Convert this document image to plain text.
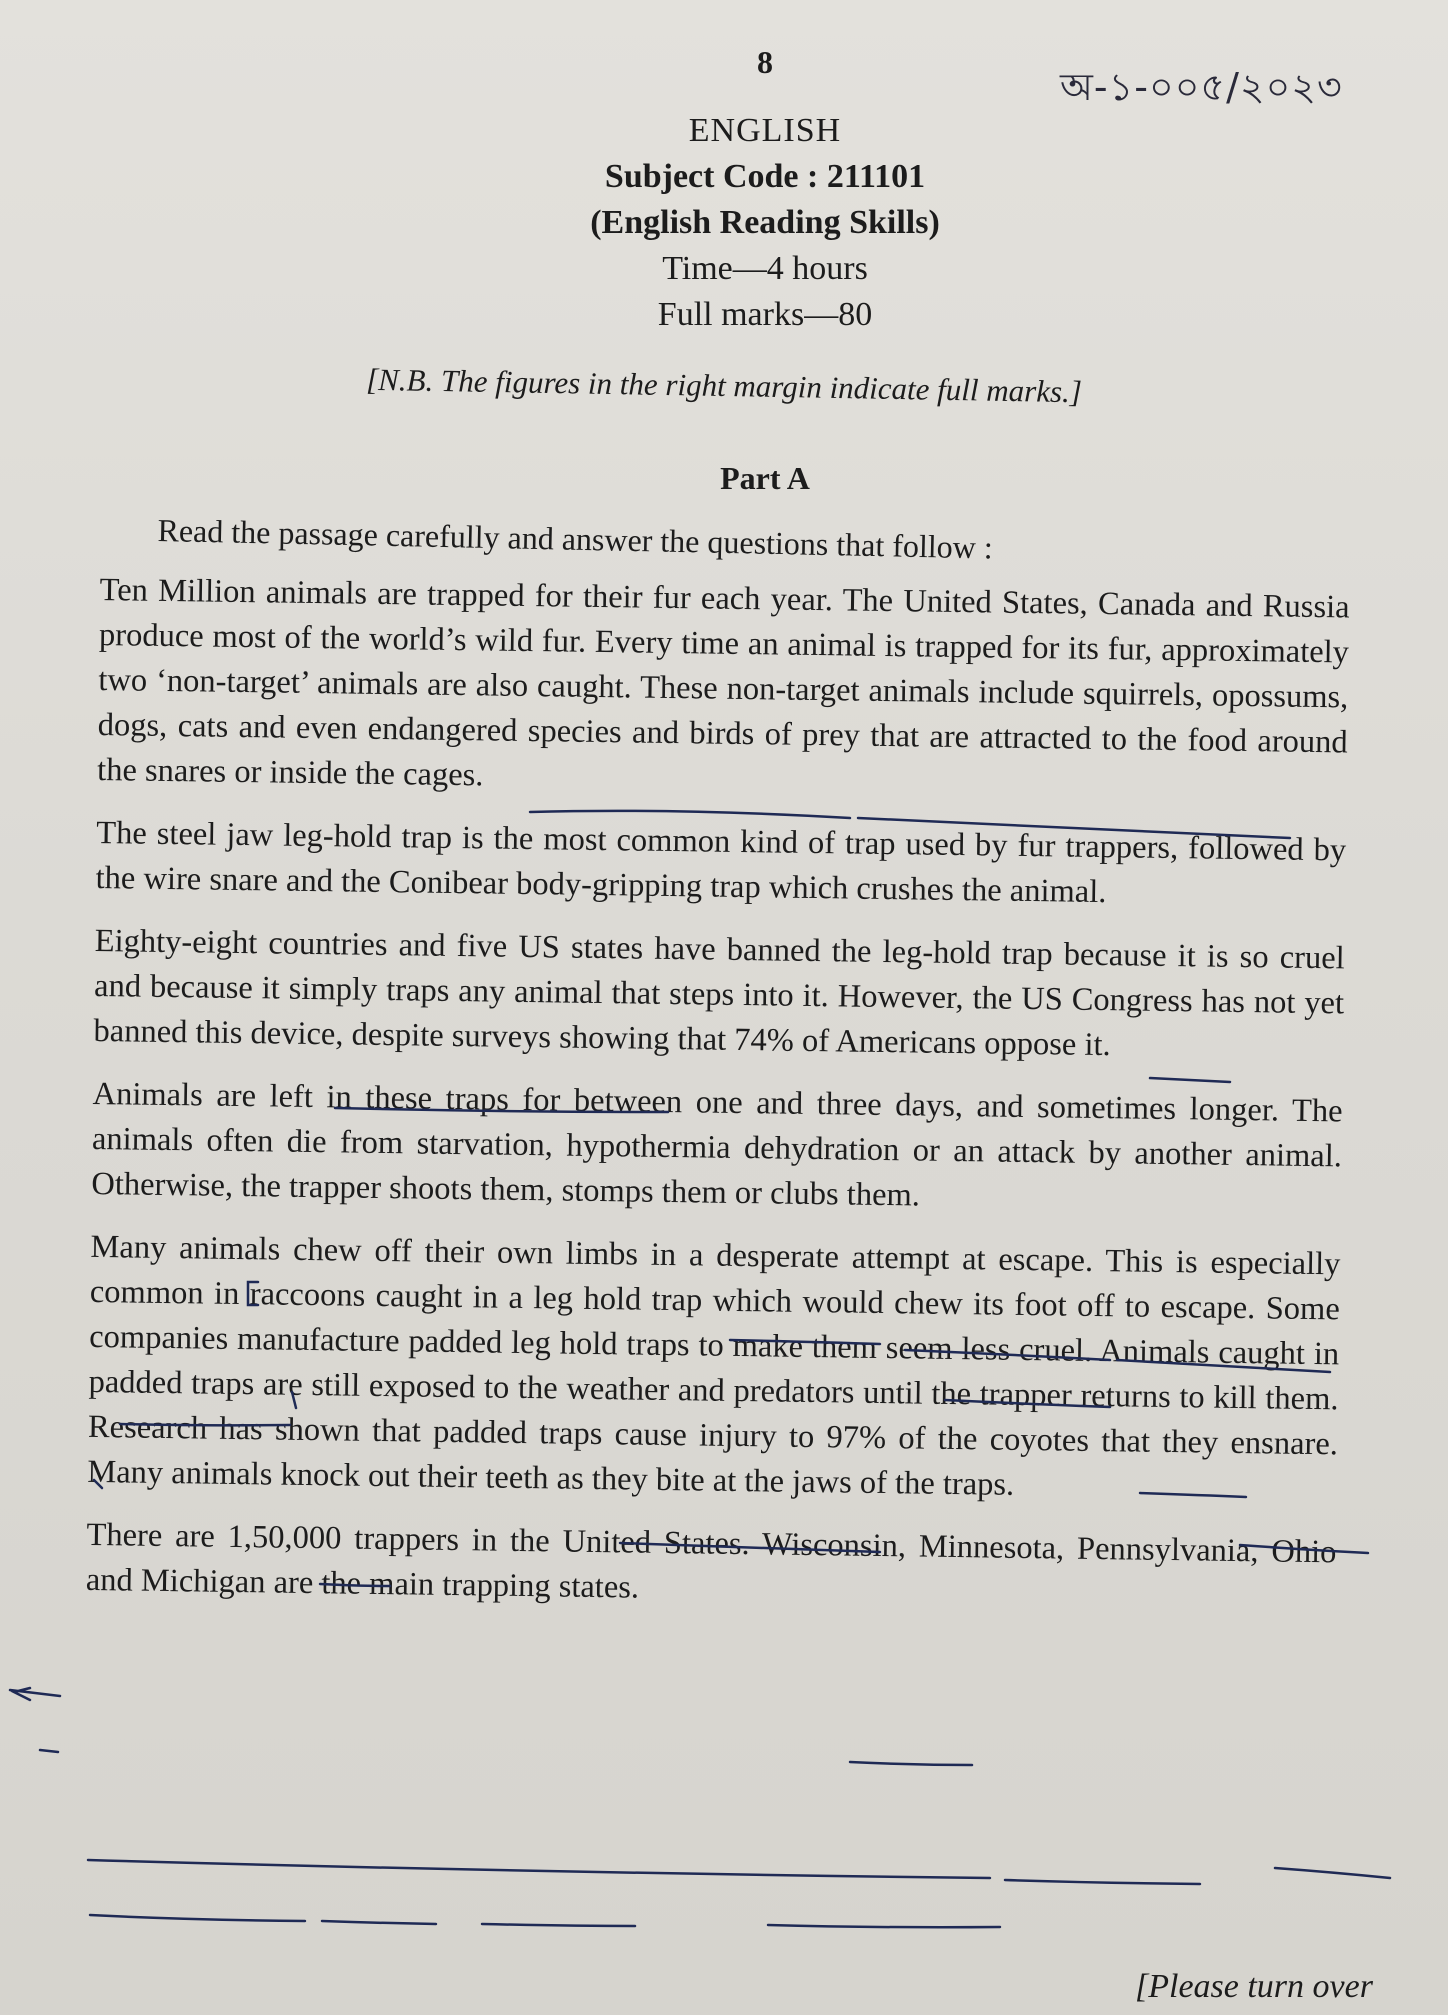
8
অ-১-০০৫/২০২৩
ENGLISH
Subject Code : 211101
(English Reading Skills)
Time—4 hours
Full marks—80
[N.B. The figures in the right margin indicate full marks.]
Part A
Read the passage carefully and answer the questions that follow :

Ten Million animals are trapped for their fur each year. The United States, Canada and Russia produce most of the world’s wild fur. Every time an animal is trapped for its fur, approximately two ‘non-target’ animals are also caught. These non-target animals include squirrels, opossums, dogs, cats and even endangered species and birds of prey that are attracted to the food around the snares or inside the cages.

The steel jaw leg-hold trap is the most common kind of trap used by fur trappers, followed by the wire snare and the Conibear body-gripping trap which crushes the animal.

Eighty-eight countries and five US states have banned the leg-hold trap because it is so cruel and because it simply traps any animal that steps into it. However, the US Congress has not yet banned this device, despite surveys showing that 74% of Americans oppose it.

Animals are left in these traps for between one and three days, and sometimes longer. The animals often die from starvation, hypothermia dehydration or an attack by another animal. Otherwise, the trapper shoots them, stomps them or clubs them.

Many animals chew off their own limbs in a desperate attempt at escape. This is especially common in raccoons caught in a leg hold trap which would chew its foot off to escape. Some companies manufacture padded leg hold traps to make them seem less cruel. Animals caught in padded traps are still exposed to the weather and predators until the trapper returns to kill them. Research has shown that padded traps cause injury to 97% of the coyotes that they ensnare. Many animals knock out their teeth as they bite at the jaws of the traps.

There are 1,50,000 trappers in the United States. Wisconsin, Minnesota, Pennsylvania, Ohio and Michigan are the main trapping states.

[Please turn over
